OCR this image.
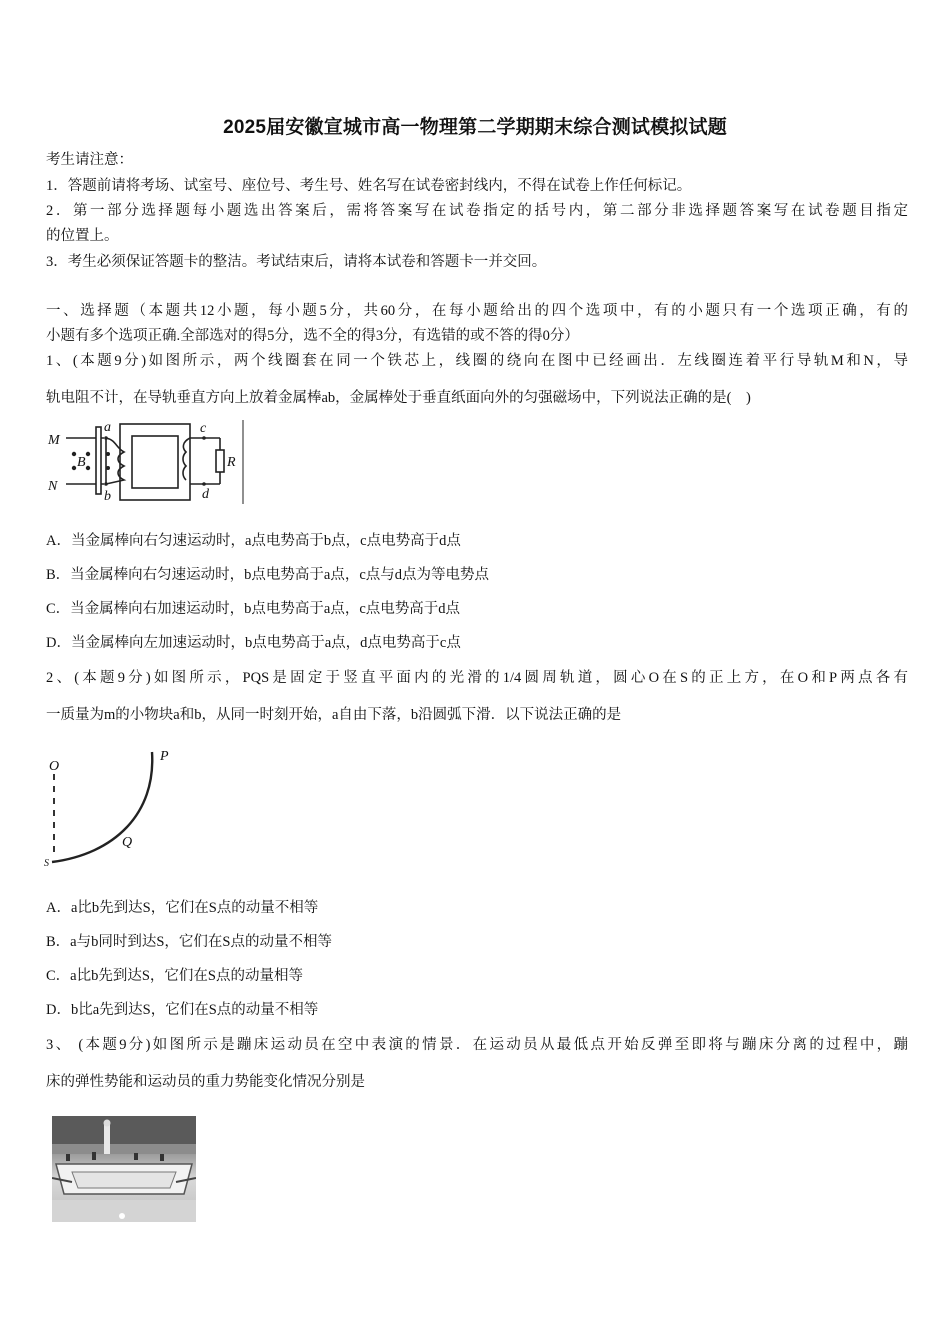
2025届安徽宣城市高一物理第二学期期末综合测试模拟试题
考生请注意：
1．答题前请将考场、试室号、座位号、考生号、姓名写在试卷密封线内，不得在试卷上作任何标记。
2．第一部分选择题每小题选出答案后，需将答案写在试卷指定的括号内，第二部分非选择题答案写在试卷题目指定
的位置上。
3．考生必须保证答题卡的整洁。考试结束后，请将本试卷和答题卡一并交回。
一、选择题（本题共12小题，每小题5分，共60分，在每小题给出的四个选项中，有的小题只有一个选项正确，有的
小题有多个选项正确.全部选对的得5分，选不全的得3分，有选错的或不答的得0分）
1、(本题9分)如图所示，两个线圈套在同一个铁芯上，线圈的绕向在图中已经画出．左线圈连着平行导轨M和N，导
轨电阻不计，在导轨垂直方向上放着金属棒ab，金属棒处于垂直纸面向外的匀强磁场中，下列说法正确的是(　)
M
N
a
b
B
c
d
R
A．当金属棒向右匀速运动时，a点电势高于b点，c点电势高于d点
B．当金属棒向右匀速运动时，b点电势高于a点，c点与d点为等电势点
C．当金属棒向右加速运动时，b点电势高于a点，c点电势高于d点
D．当金属棒向左加速运动时，b点电势高于a点，d点电势高于c点
2、(本题9分)如图所示，PQS是固定于竖直平面内的光滑的1/4圆周轨道，圆心O在S的正上方，在O和P两点各有
一质量为m的小物块a和b，从同一时刻开始，a自由下落，b沿圆弧下滑．以下说法正确的是
O
P
Q
S
A．a比b先到达S，它们在S点的动量不相等
B．a与b同时到达S，它们在S点的动量不相等
C．a比b先到达S，它们在S点的动量相等
D．b比a先到达S，它们在S点的动量不相等
3、 (本题9分)如图所示是蹦床运动员在空中表演的情景．在运动员从最低点开始反弹至即将与蹦床分离的过程中，蹦
床的弹性势能和运动员的重力势能变化情况分别是
